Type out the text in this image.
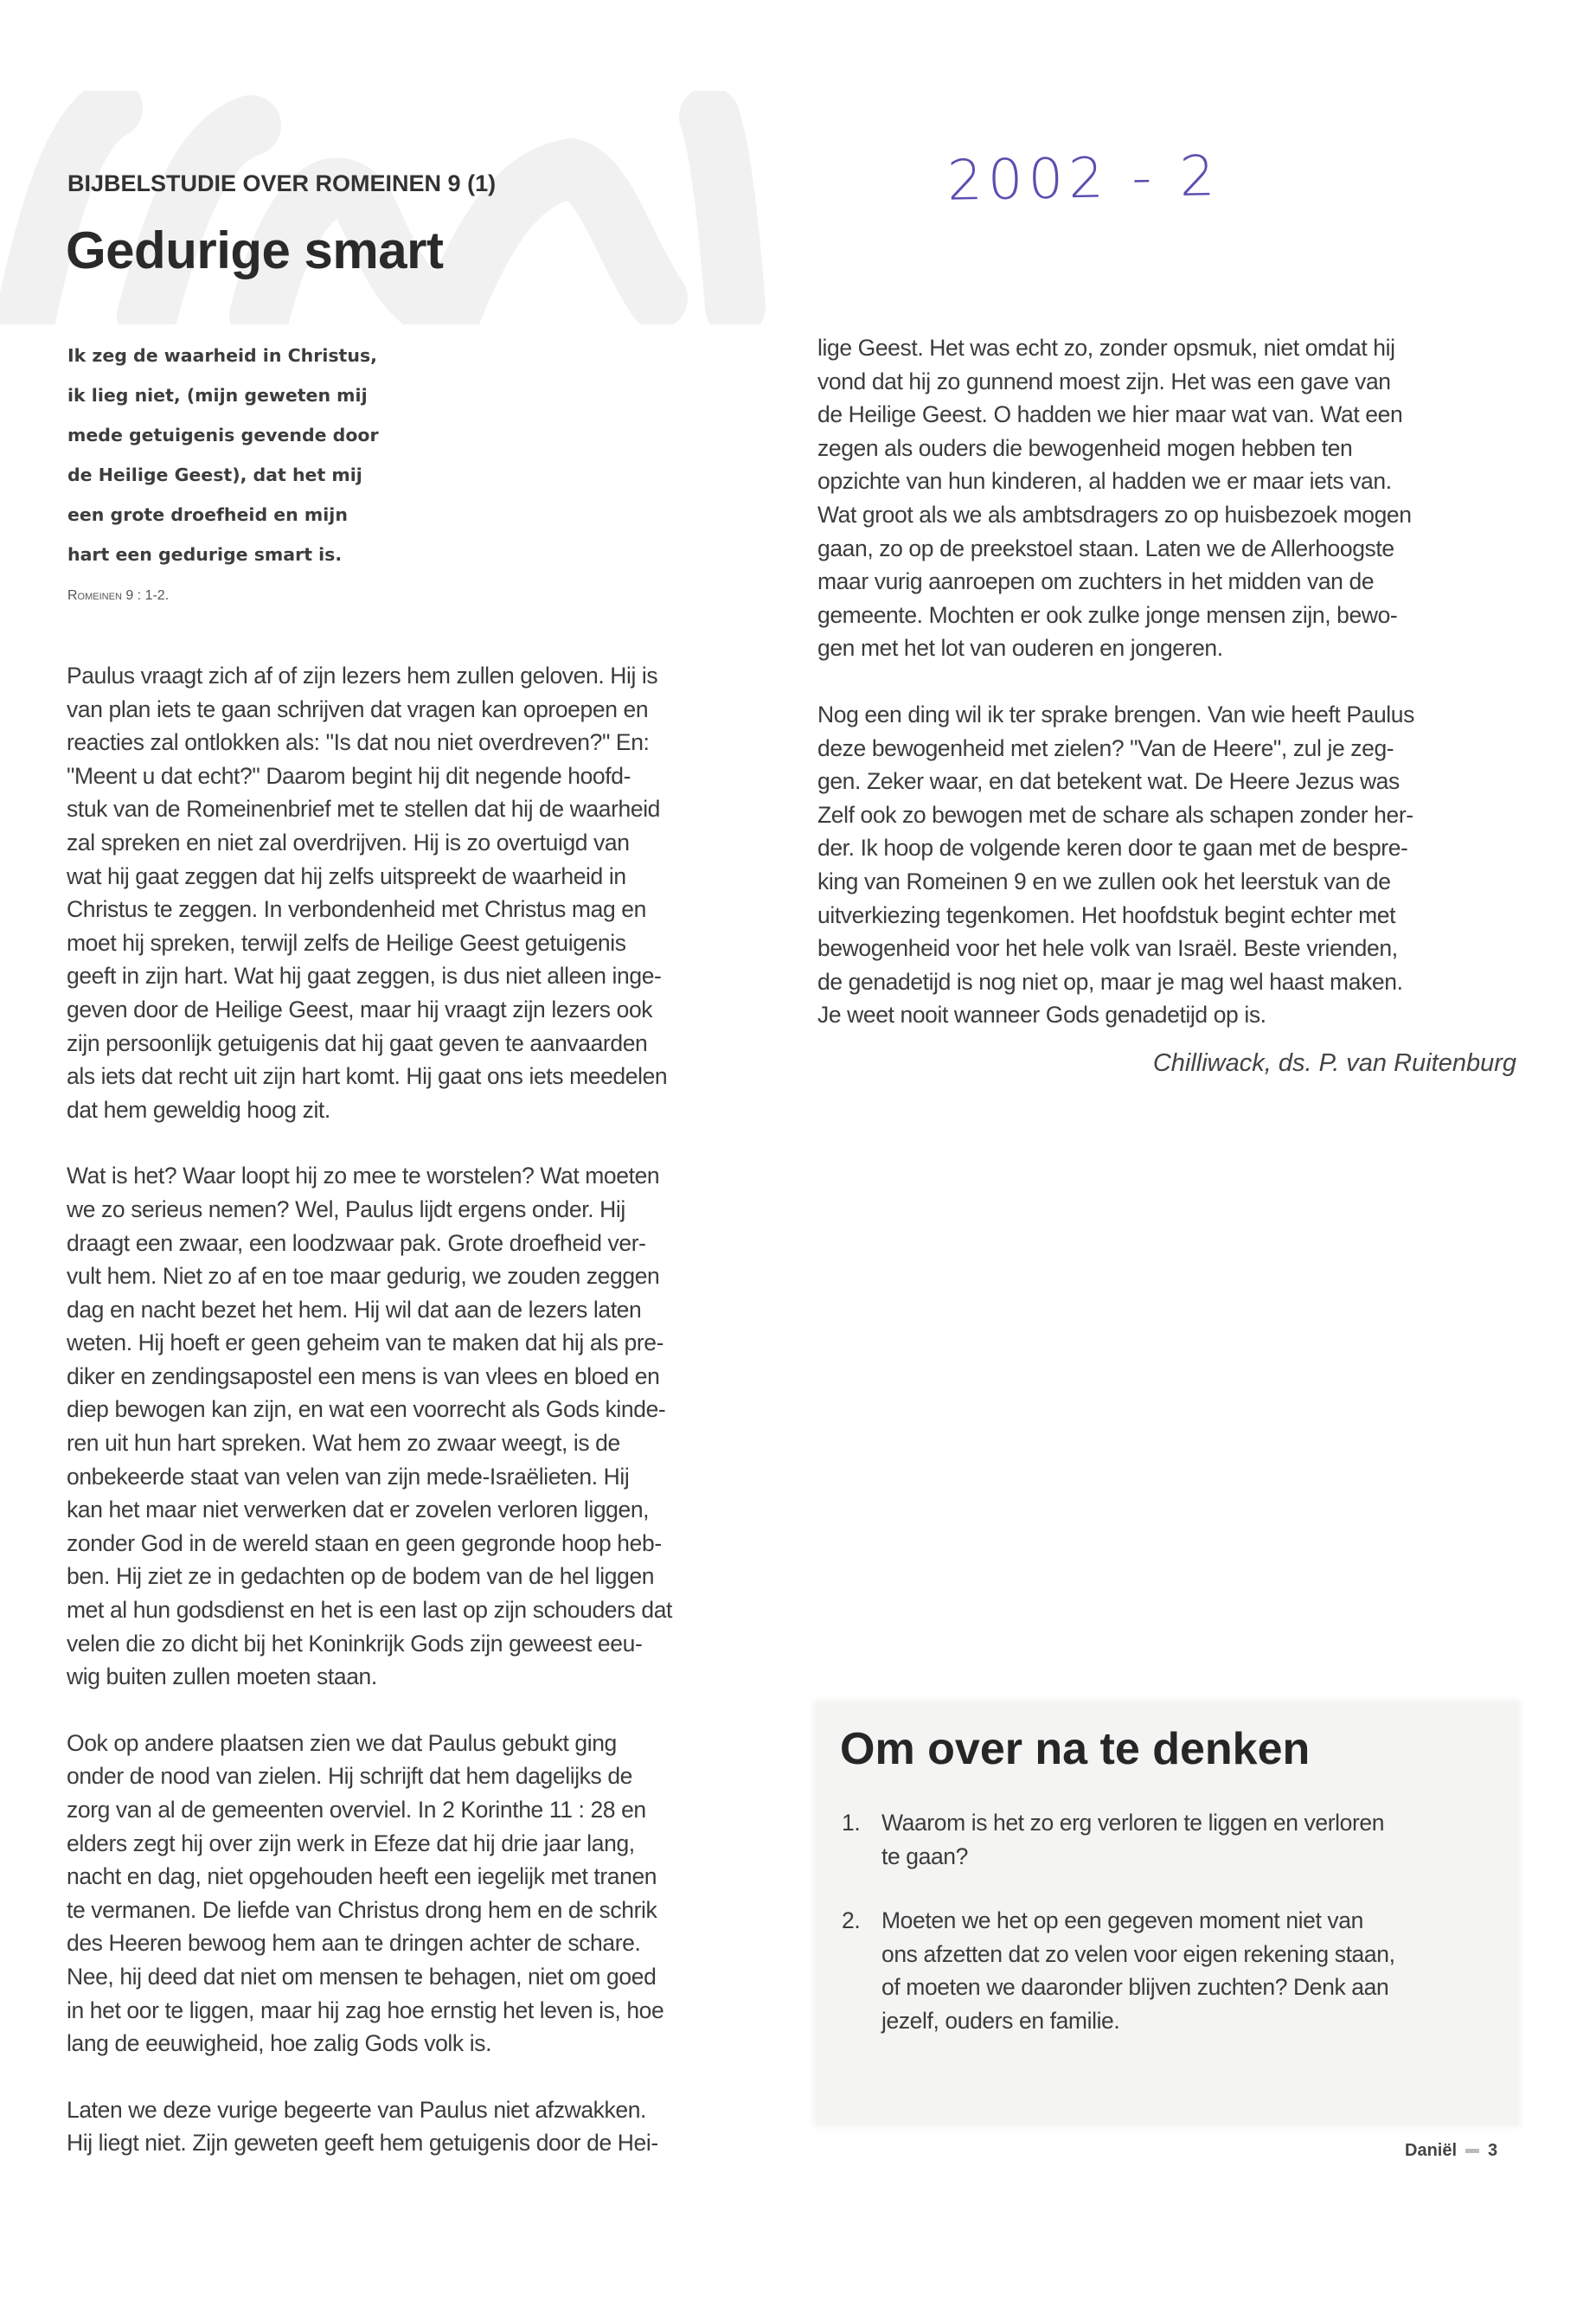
2002 - 2
BIJBELSTUDIE OVER ROMEINEN 9 (1)
Gedurige smart
Ik zeg de waarheid in Christus,
ik lieg niet, (mijn geweten mij
mede getuigenis gevende door
de Heilige Geest), dat het mij
een grote droefheid en mijn
hart een gedurige smart is.
Romeinen 9 : 1-2.
Paulus vraagt zich af of zijn lezers hem zullen geloven. Hij is
van plan iets te gaan schrijven dat vragen kan oproepen en
reacties zal ontlokken als: "Is dat nou niet overdreven?" En:
"Meent u dat echt?" Daarom begint hij dit negende hoofd-
stuk van de Romeinenbrief met te stellen dat hij de waarheid
zal spreken en niet zal overdrijven. Hij is zo overtuigd van
wat hij gaat zeggen dat hij zelfs uitspreekt de waarheid in
Christus te zeggen. In verbondenheid met Christus mag en
moet hij spreken, terwijl zelfs de Heilige Geest getuigenis
geeft in zijn hart. Wat hij gaat zeggen, is dus niet alleen inge-
geven door de Heilige Geest, maar hij vraagt zijn lezers ook
zijn persoonlijk getuigenis dat hij gaat geven te aanvaarden
als iets dat recht uit zijn hart komt. Hij gaat ons iets meedelen
dat hem geweldig hoog zit.
Wat is het? Waar loopt hij zo mee te worstelen? Wat moeten
we zo serieus nemen? Wel, Paulus lijdt ergens onder. Hij
draagt een zwaar, een loodzwaar pak. Grote droefheid ver-
vult hem. Niet zo af en toe maar gedurig, we zouden zeggen
dag en nacht bezet het hem. Hij wil dat aan de lezers laten
weten. Hij hoeft er geen geheim van te maken dat hij als pre-
diker en zendingsapostel een mens is van vlees en bloed en
diep bewogen kan zijn, en wat een voorrecht als Gods kinde-
ren uit hun hart spreken. Wat hem zo zwaar weegt, is de
onbekeerde staat van velen van zijn mede-Israëlieten. Hij
kan het maar niet verwerken dat er zovelen verloren liggen,
zonder God in de wereld staan en geen gegronde hoop heb-
ben. Hij ziet ze in gedachten op de bodem van de hel liggen
met al hun godsdienst en het is een last op zijn schouders dat
velen die zo dicht bij het Koninkrijk Gods zijn geweest eeu-
wig buiten zullen moeten staan.
Ook op andere plaatsen zien we dat Paulus gebukt ging
onder de nood van zielen. Hij schrijft dat hem dagelijks de
zorg van al de gemeenten overviel. In 2 Korinthe 11 : 28 en
elders zegt hij over zijn werk in Efeze dat hij drie jaar lang,
nacht en dag, niet opgehouden heeft een iegelijk met tranen
te vermanen. De liefde van Christus drong hem en de schrik
des Heeren bewoog hem aan te dringen achter de schare.
Nee, hij deed dat niet om mensen te behagen, niet om goed
in het oor te liggen, maar hij zag hoe ernstig het leven is, hoe
lang de eeuwigheid, hoe zalig Gods volk is.
Laten we deze vurige begeerte van Paulus niet afzwakken.
Hij liegt niet. Zijn geweten geeft hem getuigenis door de Hei-
lige Geest. Het was echt zo, zonder opsmuk, niet omdat hij
vond dat hij zo gunnend moest zijn. Het was een gave van
de Heilige Geest. O hadden we hier maar wat van. Wat een
zegen als ouders die bewogenheid mogen hebben ten
opzichte van hun kinderen, al hadden we er maar iets van.
Wat groot als we als ambtsdragers zo op huisbezoek mogen
gaan, zo op de preekstoel staan. Laten we de Allerhoogste
maar vurig aanroepen om zuchters in het midden van de
gemeente. Mochten er ook zulke jonge mensen zijn, bewo-
gen met het lot van ouderen en jongeren.
Nog een ding wil ik ter sprake brengen. Van wie heeft Paulus
deze bewogenheid met zielen? "Van de Heere", zul je zeg-
gen. Zeker waar, en dat betekent wat. De Heere Jezus was
Zelf ook zo bewogen met de schare als schapen zonder her-
der. Ik hoop de volgende keren door te gaan met de bespre-
king van Romeinen 9 en we zullen ook het leerstuk van de
uitverkiezing tegenkomen. Het hoofdstuk begint echter met
bewogenheid voor het hele volk van Israël. Beste vrienden,
de genadetijd is nog niet op, maar je mag wel haast maken.
Je weet nooit wanneer Gods genadetijd op is.
Chilliwack, ds. P. van Ruitenburg
Om over na te denken
1. Waarom is het zo erg verloren te liggen en verloren
te gaan?
2. Moeten we het op een gegeven moment niet van
ons afzetten dat zo velen voor eigen rekening staan,
of moeten we daaronder blijven zuchten? Denk aan
jezelf, ouders en familie.
Daniël 3
